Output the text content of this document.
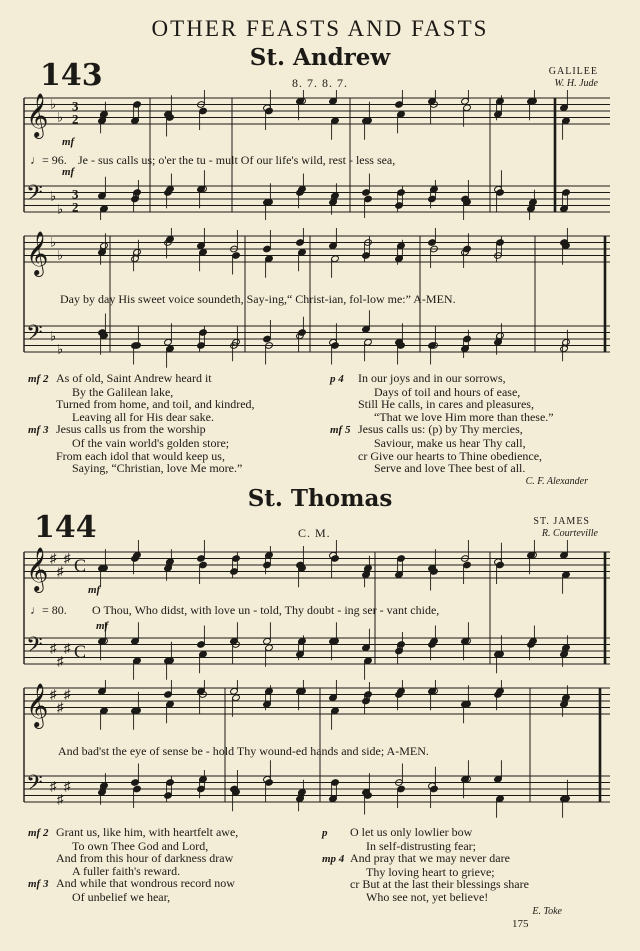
OTHER FEASTS AND FASTS
St. Andrew
143	8. 7. 8. 7.
GALILEE
W. H. Jude
mf
mf
𝄞 ♭
♭
3
2
𝄢 ♭
♭
3
2
♩= 96. Je - sus calls us; o'er the tu - mult Of our life's wild, rest - less sea,
𝄞 ♭
♭
𝄢 ♭
♭
Day by day His sweet voice soundeth, Say-ing,“ Christ-ian, fol-low me:” A-MEN.
mf 2 As of old, Saint Andrew heard it
By the Galilean lake,
Turned from home, and toil, and kindred,
Leaving all for His dear sake.
mf 3 Jesus calls us from the worship
Of the vain world's golden store;
From each idol that would keep us,
Saying, “Christian, love Me more.”
p 4 In our joys and in our sorrows,
Days of toil and hours of ease,
Still He calls, in cares and pleasures,
“That we love Him more than these.”
mf 5 Jesus calls us: (p) by Thy mercies,
Saviour, make us hear Thy call,
cr Give our hearts to Thine obedience,
Serve and love Thee best of all.
C. F. Alexander
St. Thomas
144	C. M.
ST. JAMES
R. Courteville
mf
mf
𝄞 ♯
♯
♯ C
𝄢 ♯
♯
♯ C
♩= 80. O Thou, Who didst, with love un - told, Thy doubt - ing ser - vant chide,
𝄞 ♯
♯
♯
𝄢 ♯
♯
♯
And bad'st the eye of sense be - hold Thy wound-ed hands and side; A-MEN.
mf 2 Grant us, like him, with heartfelt awe,
To own Thee God and Lord,
And from this hour of darkness draw
A fuller faith's reward.
mf 3 And while that wondrous record now
Of unbelief we hear,
p O let us only lowlier bow
In self-distrusting fear;
mp 4 And pray that we may never dare
Thy loving heart to grieve;
cr But at the last their blessings share
Who see not, yet believe!
E. Toke
175
